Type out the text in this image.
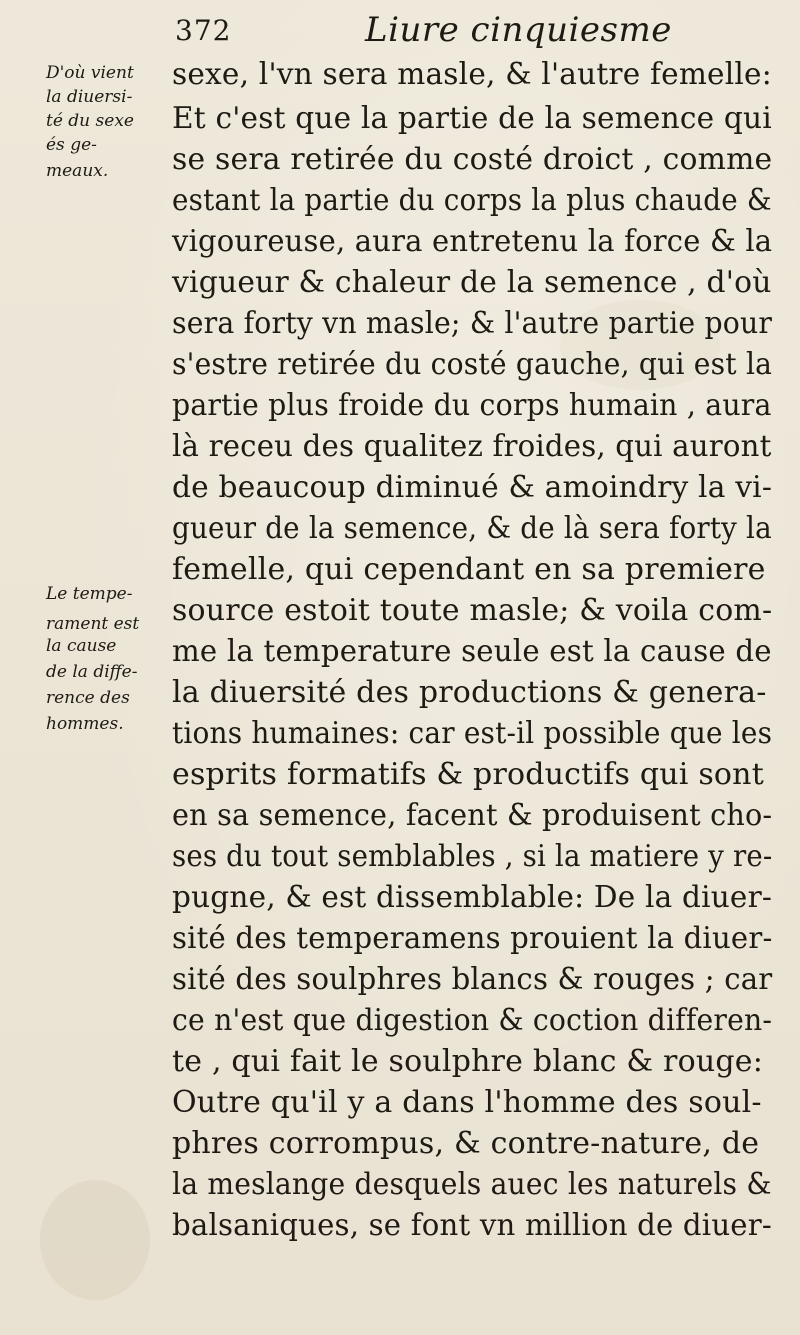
372	Liure cinquiesme
D'où vient
la diuersi-
té du sexe
és ge-
meaux.
Le tempe-
rament est
la cause
de la diffe-
rence des
hommes.
sexe, l'vn sera masle, & l'autre femelle:
Et c'est que la partie de la semence qui
se sera retirée du costé droict , comme
estant la partie du corps la plus chaude &
vigoureuse, aura entretenu la force & la
vigueur & chaleur de la semence , d'où
sera forty vn masle; & l'autre partie pour
s'estre retirée du costé gauche, qui est la
partie plus froide du corps humain , aura
là receu des qualitez froides, qui auront
de beaucoup diminué & amoindry la vi-
gueur de la semence, & de là sera forty la
femelle, qui cependant en sa premiere
source estoit toute masle; & voila com-
me la temperature seule est la cause de
la diuersité des productions & genera-
tions humaines: car est-il possible que les
esprits formatifs & productifs qui sont
en sa semence, facent & produisent cho-
ses du tout semblables , si la matiere y re-
pugne, & est dissemblable: De la diuer-
sité des temperamens prouient la diuer-
sité des soulphres blancs & rouges ; car
ce n'est que digestion & coction differen-
te , qui fait le soulphre blanc & rouge:
Outre qu'il y a dans l'homme des soul-
phres corrompus, & contre-nature, de
la meslange desquels auec les naturels &
balsaniques, se font vn million de diuer-
